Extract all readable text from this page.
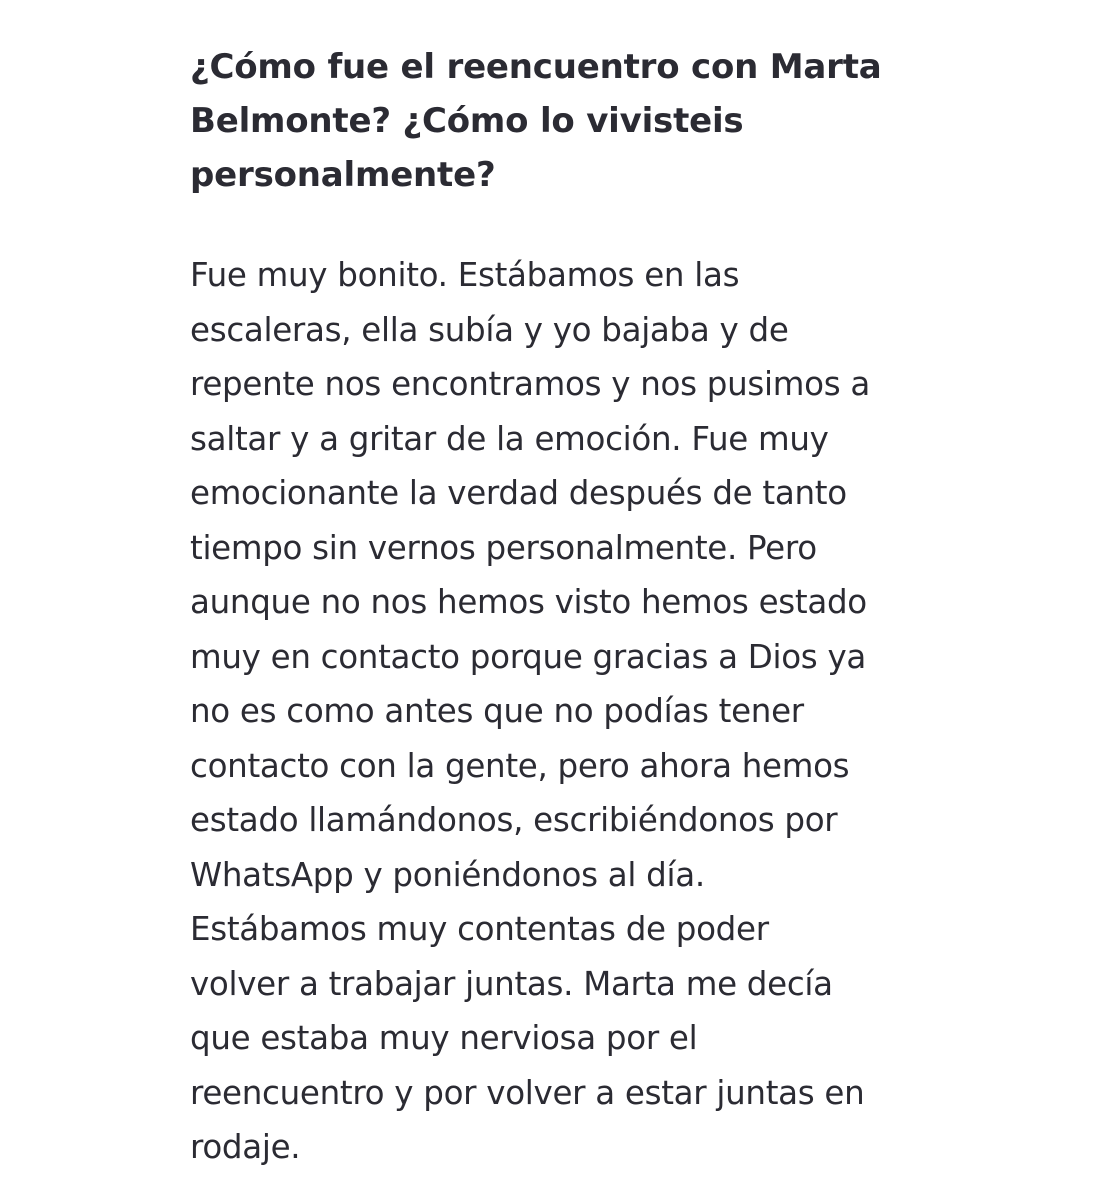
¿Cómo fue el reencuentro con Marta
Belmonte? ¿Cómo lo vivisteis
personalmente?

Fue muy bonito. Estábamos en las
escaleras, ella subía y yo bajaba y de
repente nos encontramos y nos pusimos a
saltar y a gritar de la emoción. Fue muy
emocionante la verdad después de tanto
tiempo sin vernos personalmente. Pero
aunque no nos hemos visto hemos estado
muy en contacto porque gracias a Dios ya
no es como antes que no podías tener
contacto con la gente, pero ahora hemos
estado llamándonos, escribiéndonos por
WhatsApp y poniéndonos al día.
Estábamos muy contentas de poder
volver a trabajar juntas. Marta me decía
que estaba muy nerviosa por el
reencuentro y por volver a estar juntas en
rodaje.
